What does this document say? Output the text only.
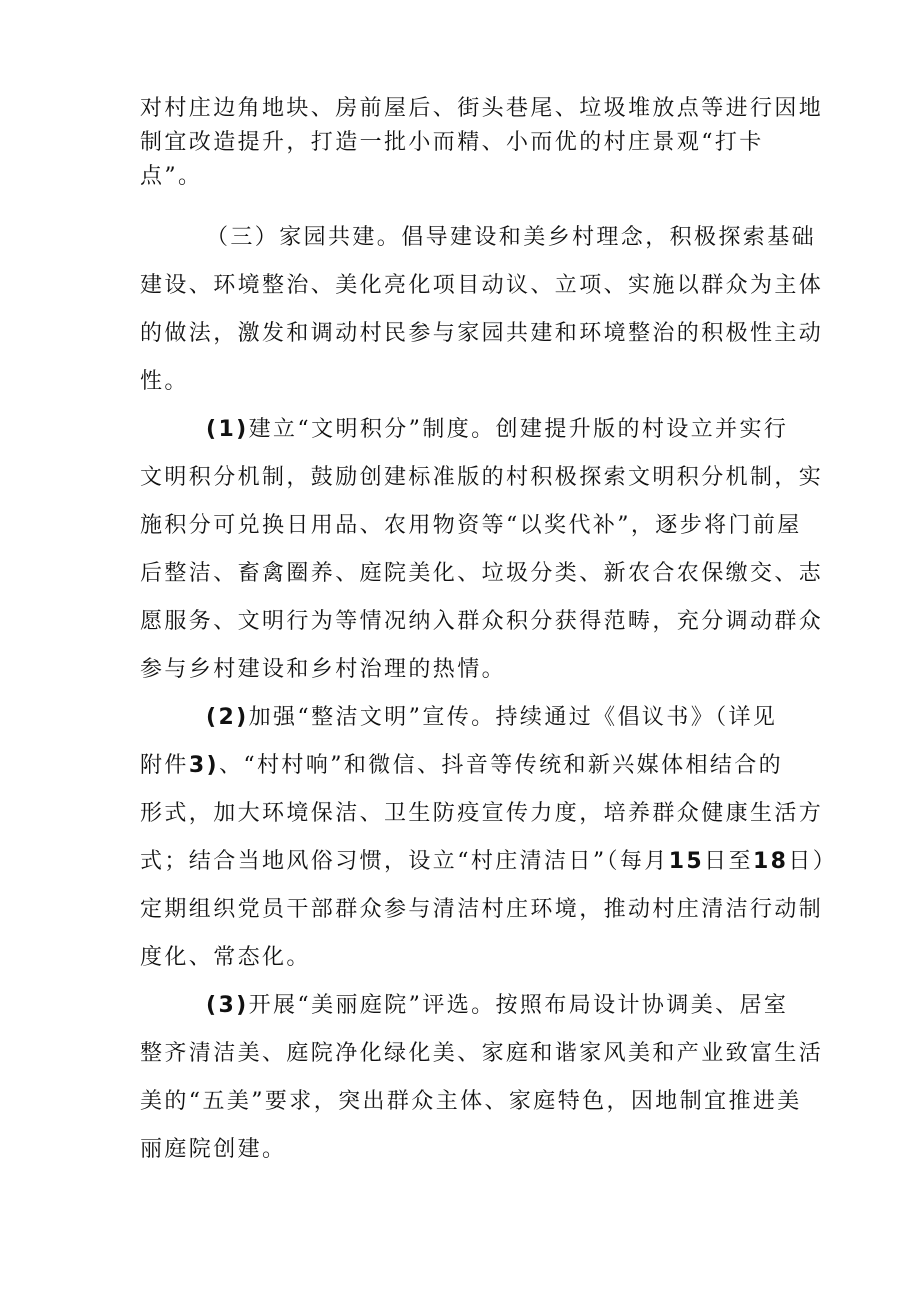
对村庄边角地块、房前屋后、街头巷尾、垃圾堆放点等进行因地
制宜改造提升，打造一批小而精、小而优的村庄景观“打卡
点”。
（三）家园共建。倡导建设和美乡村理念，积极探索基础
建设、环境整治、美化亮化项目动议、立项、实施以群众为主体
的做法，激发和调动村民参与家园共建和环境整治的积极性主动
性。
(1)建立“文明积分”制度。创建提升版的村设立并实行
文明积分机制，鼓励创建标准版的村积极探索文明积分机制，实
施积分可兑换日用品、农用物资等“以奖代补”，逐步将门前屋
后整洁、畜禽圈养、庭院美化、垃圾分类、新农合农保缴交、志
愿服务、文明行为等情况纳入群众积分获得范畴，充分调动群众
参与乡村建设和乡村治理的热情。
(2)加强“整洁文明”宣传。持续通过《倡议书》（详见
附件3)、“村村响”和微信、抖音等传统和新兴媒体相结合的
形式，加大环境保洁、卫生防疫宣传力度，培养群众健康生活方
式；结合当地风俗习惯，设立“村庄清洁日”（每月15日至18日）
定期组织党员干部群众参与清洁村庄环境，推动村庄清洁行动制
度化、常态化。
(3)开展“美丽庭院”评选。按照布局设计协调美、居室
整齐清洁美、庭院净化绿化美、家庭和谐家风美和产业致富生活
美的“五美”要求，突出群众主体、家庭特色，因地制宜推进美
丽庭院创建。
